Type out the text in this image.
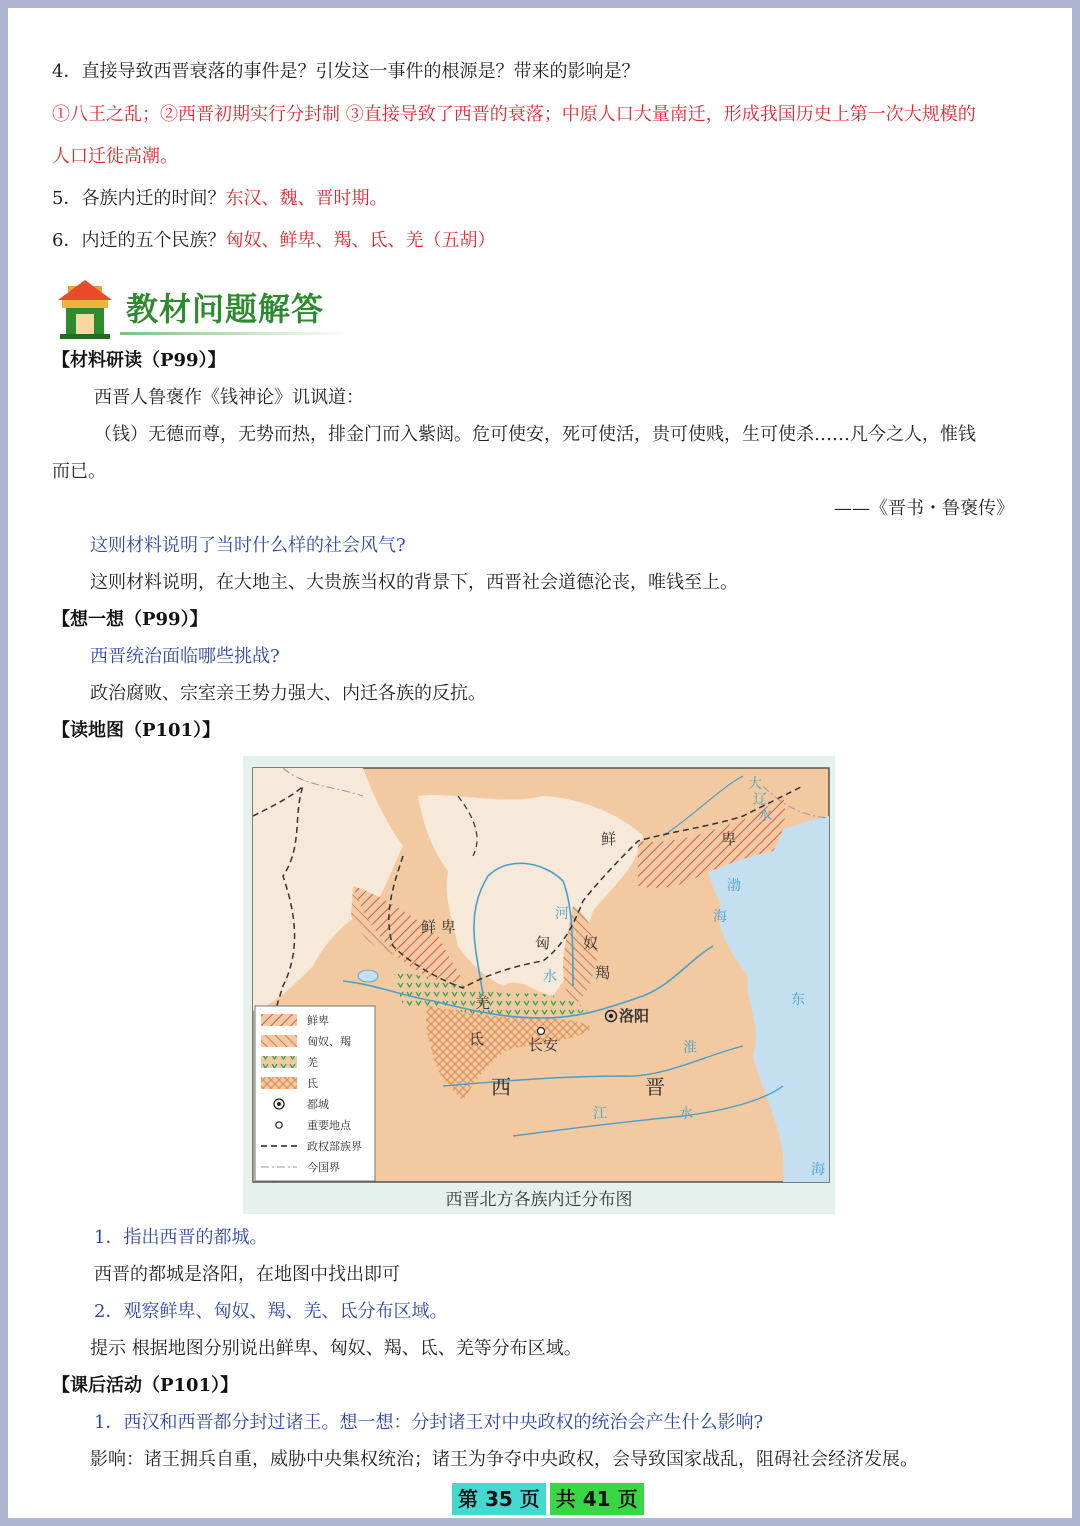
4．直接导致西晋衰落的事件是？引发这一事件的根源是？带来的影响是？
①八王之乱；②西晋初期实行分封制 ③直接导致了西晋的衰落；中原人口大量南迁，形成我国历史上第一次大规模的
人口迁徙高潮。
5．各族内迁的时间？东汉、魏、晋时期。
6．内迁的五个民族？匈奴、鲜卑、羯、氐、羌（五胡）
教材问题解答
【材料研读（P99）】
西晋人鲁褒作《钱神论》讥讽道：
（钱）无德而尊，无势而热，排金门而入紫闼。危可使安，死可使活，贵可使贱，生可使杀……凡今之人，惟钱
而已。
——《晋书・鲁褒传》
这则材料说明了当时什么样的社会风气?
这则材料说明，在大地主、大贵族当权的背景下，西晋社会道德沦丧，唯钱至上。
【想一想（P99）】
西晋统治面临哪些挑战?
政治腐败、宗室亲王势力强大、内迁各族的反抗。
【读地图（P101）】
鲜	卑
鲜 卑
匈 奴
羯
羌
氐
洛阳
长安
西	晋
河
水
淮
江	水
渤
海
东
海
大
辽
水
鲜卑
匈奴、羯
羌
氐
都城
重要地点
政权部族界
今国界
西晋北方各族内迁分布图
1．指出西晋的都城。
西晋的都城是洛阳，在地图中找出即可
2．观察鲜卑、匈奴、羯、羌、氐分布区域。
提示 根据地图分别说出鲜卑、匈奴、羯、氐、羌等分布区域。
【课后活动（P101）】
1．西汉和西晋都分封过诸王。想一想：分封诸王对中央政权的统治会产生什么影响?
影响：诸王拥兵自重，威胁中央集权统治；诸王为争夺中央政权，会导致国家战乱，阻碍社会经济发展。
第 35 页 共 41 页
